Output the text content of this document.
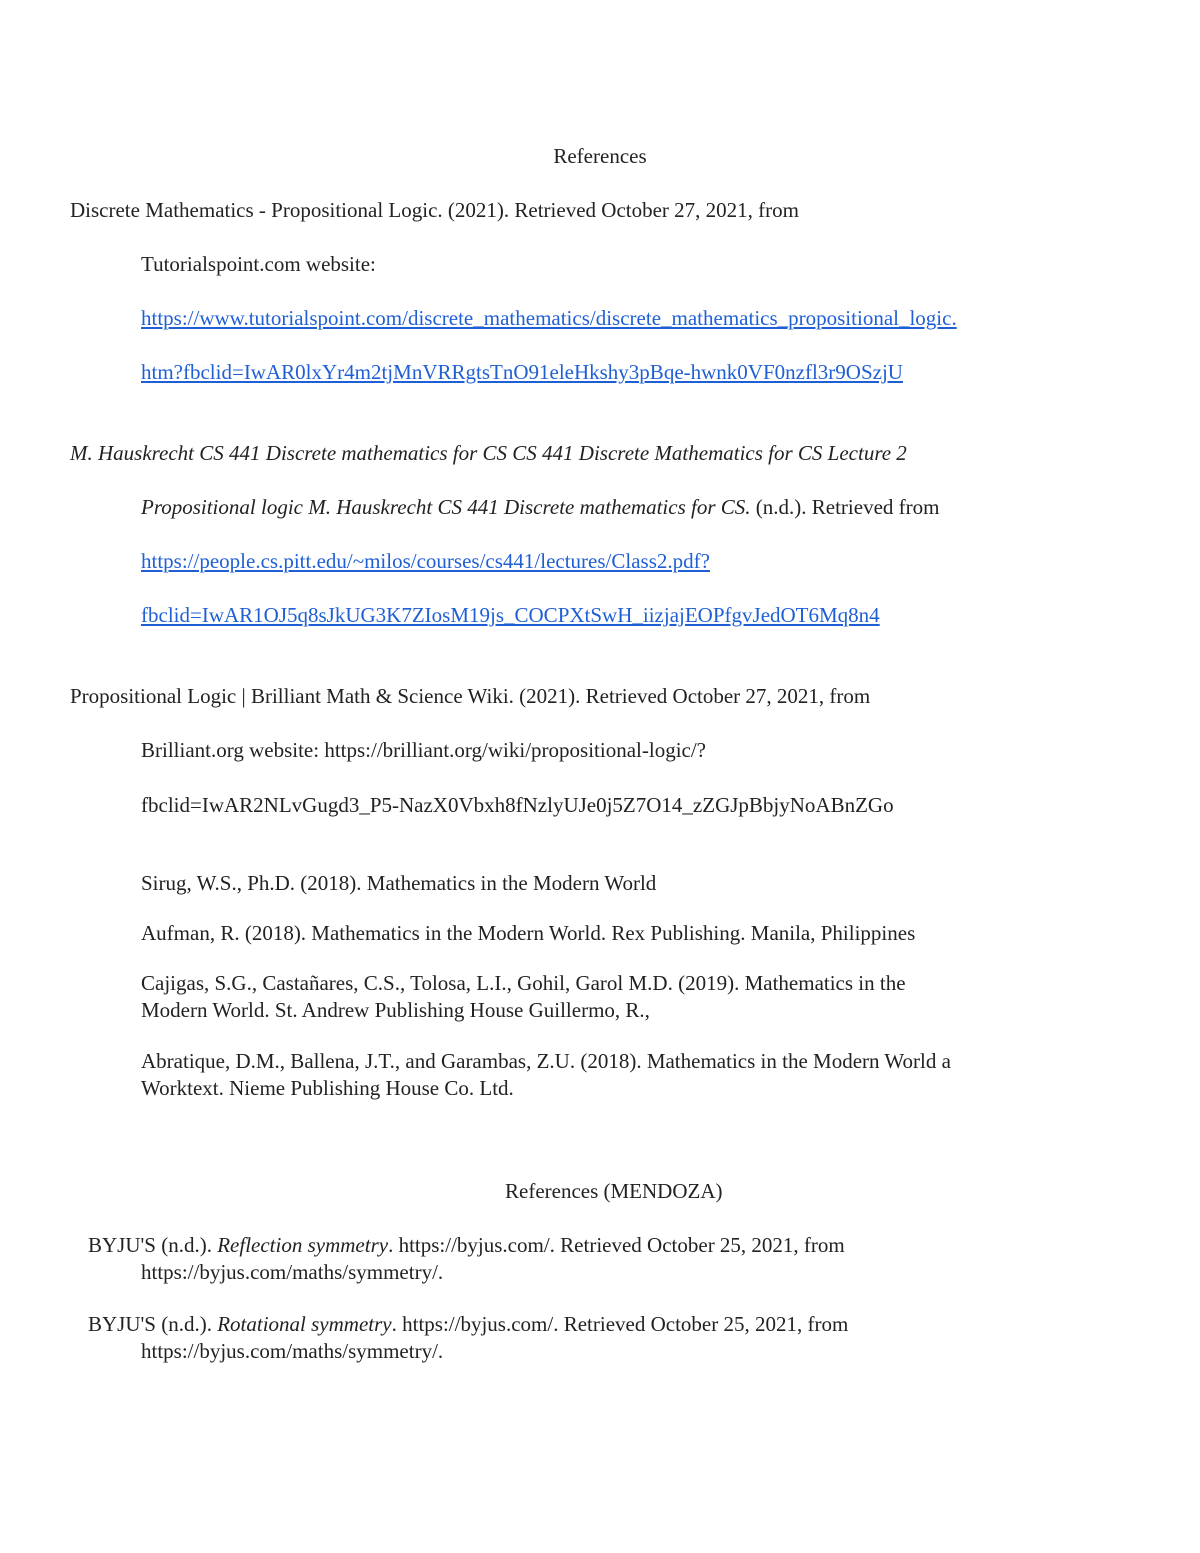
References
Discrete Mathematics - Propositional Logic. (2021). Retrieved October 27, 2021, from
Tutorialspoint.com website:
https://www.tutorialspoint.com/discrete_mathematics/discrete_mathematics_propositional_logic.
htm?fbclid=IwAR0lxYr4m2tjMnVRRgtsTnO91eleHkshy3pBqe-hwnk0VF0nzfl3r9OSzjU
M. Hauskrecht CS 441 Discrete mathematics for CS CS 441 Discrete Mathematics for CS Lecture 2
Propositional logic M. Hauskrecht CS 441 Discrete mathematics for CS. (n.d.). Retrieved from
https://people.cs.pitt.edu/~milos/courses/cs441/lectures/Class2.pdf?
fbclid=IwAR1OJ5q8sJkUG3K7ZIosM19js_COCPXtSwH_iizjajEOPfgvJedOT6Mq8n4
Propositional Logic | Brilliant Math & Science Wiki. (2021). Retrieved October 27, 2021, from
Brilliant.org website: https://brilliant.org/wiki/propositional-logic/?
fbclid=IwAR2NLvGugd3_P5-NazX0Vbxh8fNzlyUJe0j5Z7O14_zZGJpBbjyNoABnZGo
Sirug, W.S., Ph.D. (2018). Mathematics in the Modern World
Aufman, R. (2018). Mathematics in the Modern World. Rex Publishing. Manila, Philippines
Cajigas, S.G., Castañares, C.S., Tolosa, L.I., Gohil, Garol M.D. (2019). Mathematics in the
Modern World. St. Andrew Publishing House Guillermo, R.,
Abratique, D.M., Ballena, J.T., and Garambas, Z.U. (2018). Mathematics in the Modern World a
Worktext. Nieme Publishing House Co. Ltd.
References (MENDOZA)
BYJU'S (n.d.). Reflection symmetry. https://byjus.com/. Retrieved October 25, 2021, from
https://byjus.com/maths/symmetry/.
BYJU'S (n.d.). Rotational symmetry. https://byjus.com/. Retrieved October 25, 2021, from
https://byjus.com/maths/symmetry/.
